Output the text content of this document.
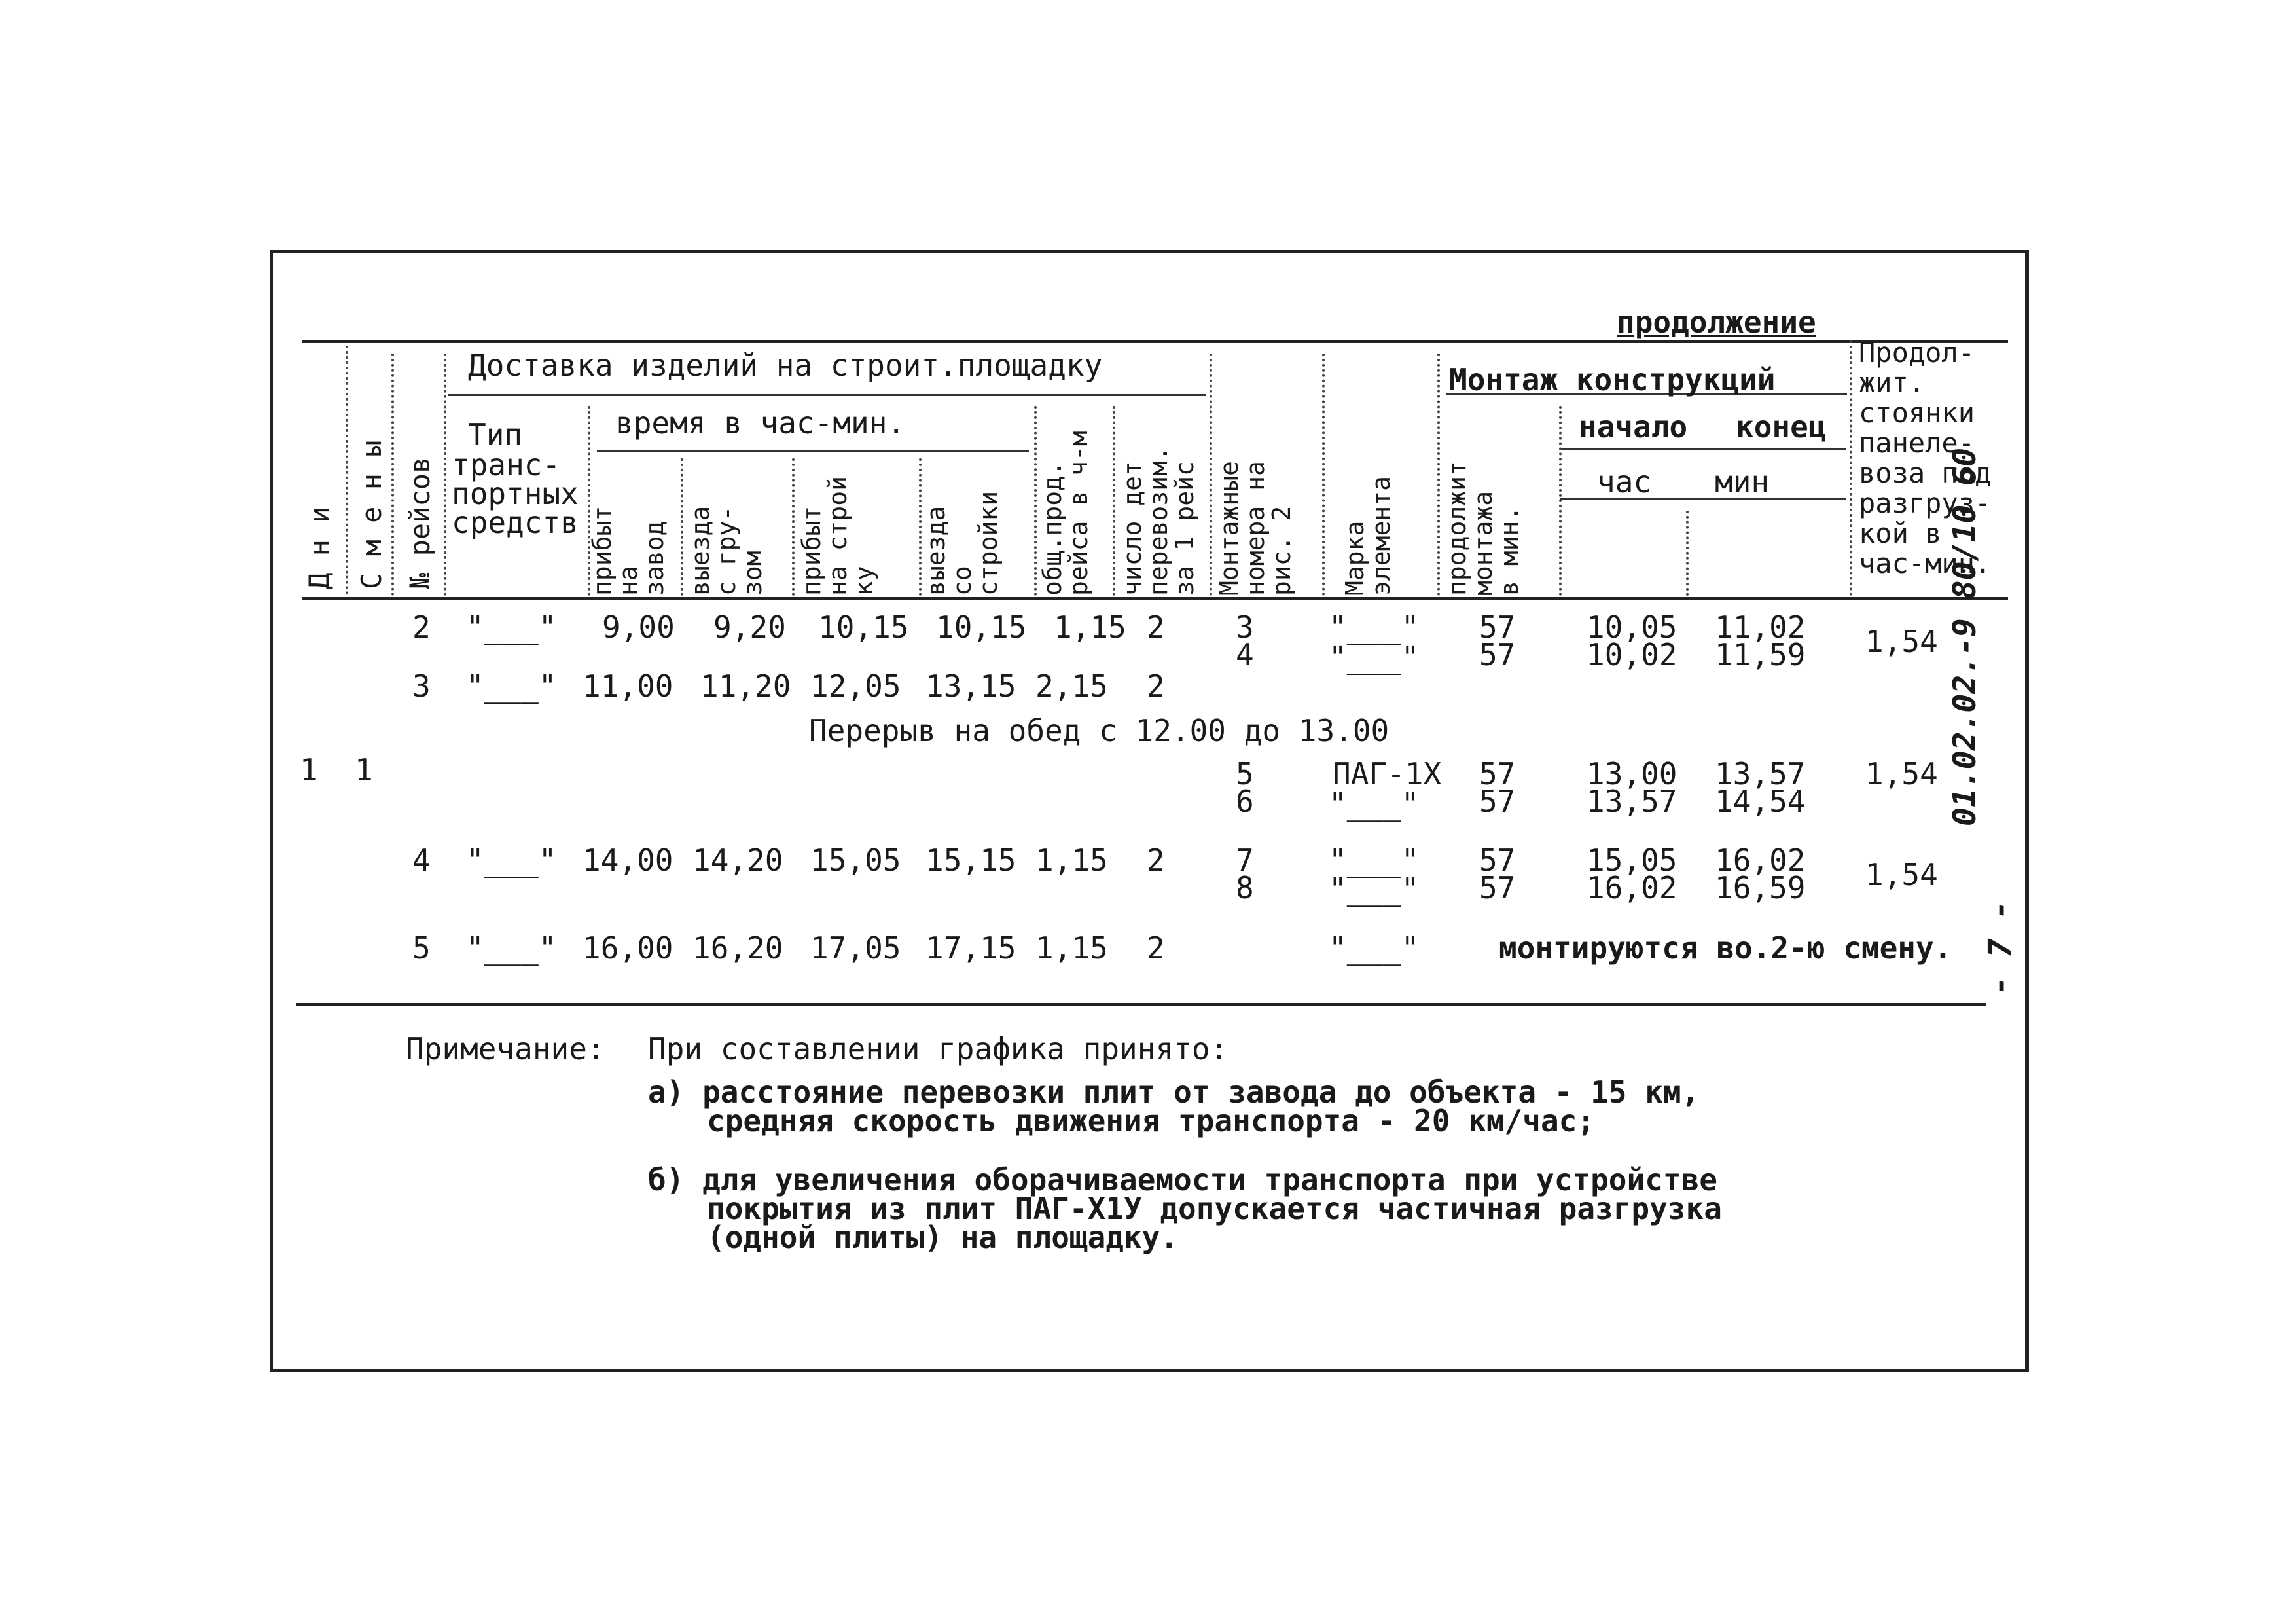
продолжение
Д н и С м е н ы № рейсов
Доставка изделий на строит.площадку
Тип
транс-
портных
средств
время в час-мин.
прибыт
на
завод выезда
с гру-
зом прибыт
на строй
ку выезда
со
стройки общ.прод.
рейса в ч-м число дет
перевозим.
за 1 рейс Монтажные
номера на
рис. 2 Марка
элемента
Монтаж конструкций
продолжит
монтажа
в мин.
начало конец
час мин
Продол-
жит.
стоянки
панеле-
воза под
разгруз-
кой в
час-мин.
1 1
2 "___" 9,00 9,20 10,15 10,15 1,15 2 3
4
"___"
"___"
57
57
10,05
10,02
11,02
11,59 1,54
3 "___" 11,00 11,20 12,05 13,15 2,15 2
Перерыв на обед с 12.00 до 13.00
5
6
ПАГ-1Х
"___"
57
57
13,00
13,57
13,57
14,54
1,54
4 "___" 14,00 14,20 15,05 15,15 1,15 2 7
8
"___"
"___"
57
57
15,05
16,02
16,02
16,59 1,54
5 "___" 16,00 16,20 17,05 17,15 1,15 2	"___"	монтируются во.2-ю смену.
01.02.02.-9 80/10 60
- 7 -
Примечание: При составлении графика принято:
а) расстояние перевозки плит от завода до объекта - 15 км,
средняя скорость движения транспорта - 20 км/час;
б) для увеличения оборачиваемости транспорта при устройстве
покрытия из плит ПАГ-Х1У допускается частичная разгрузка
(одной плиты) на площадку.
